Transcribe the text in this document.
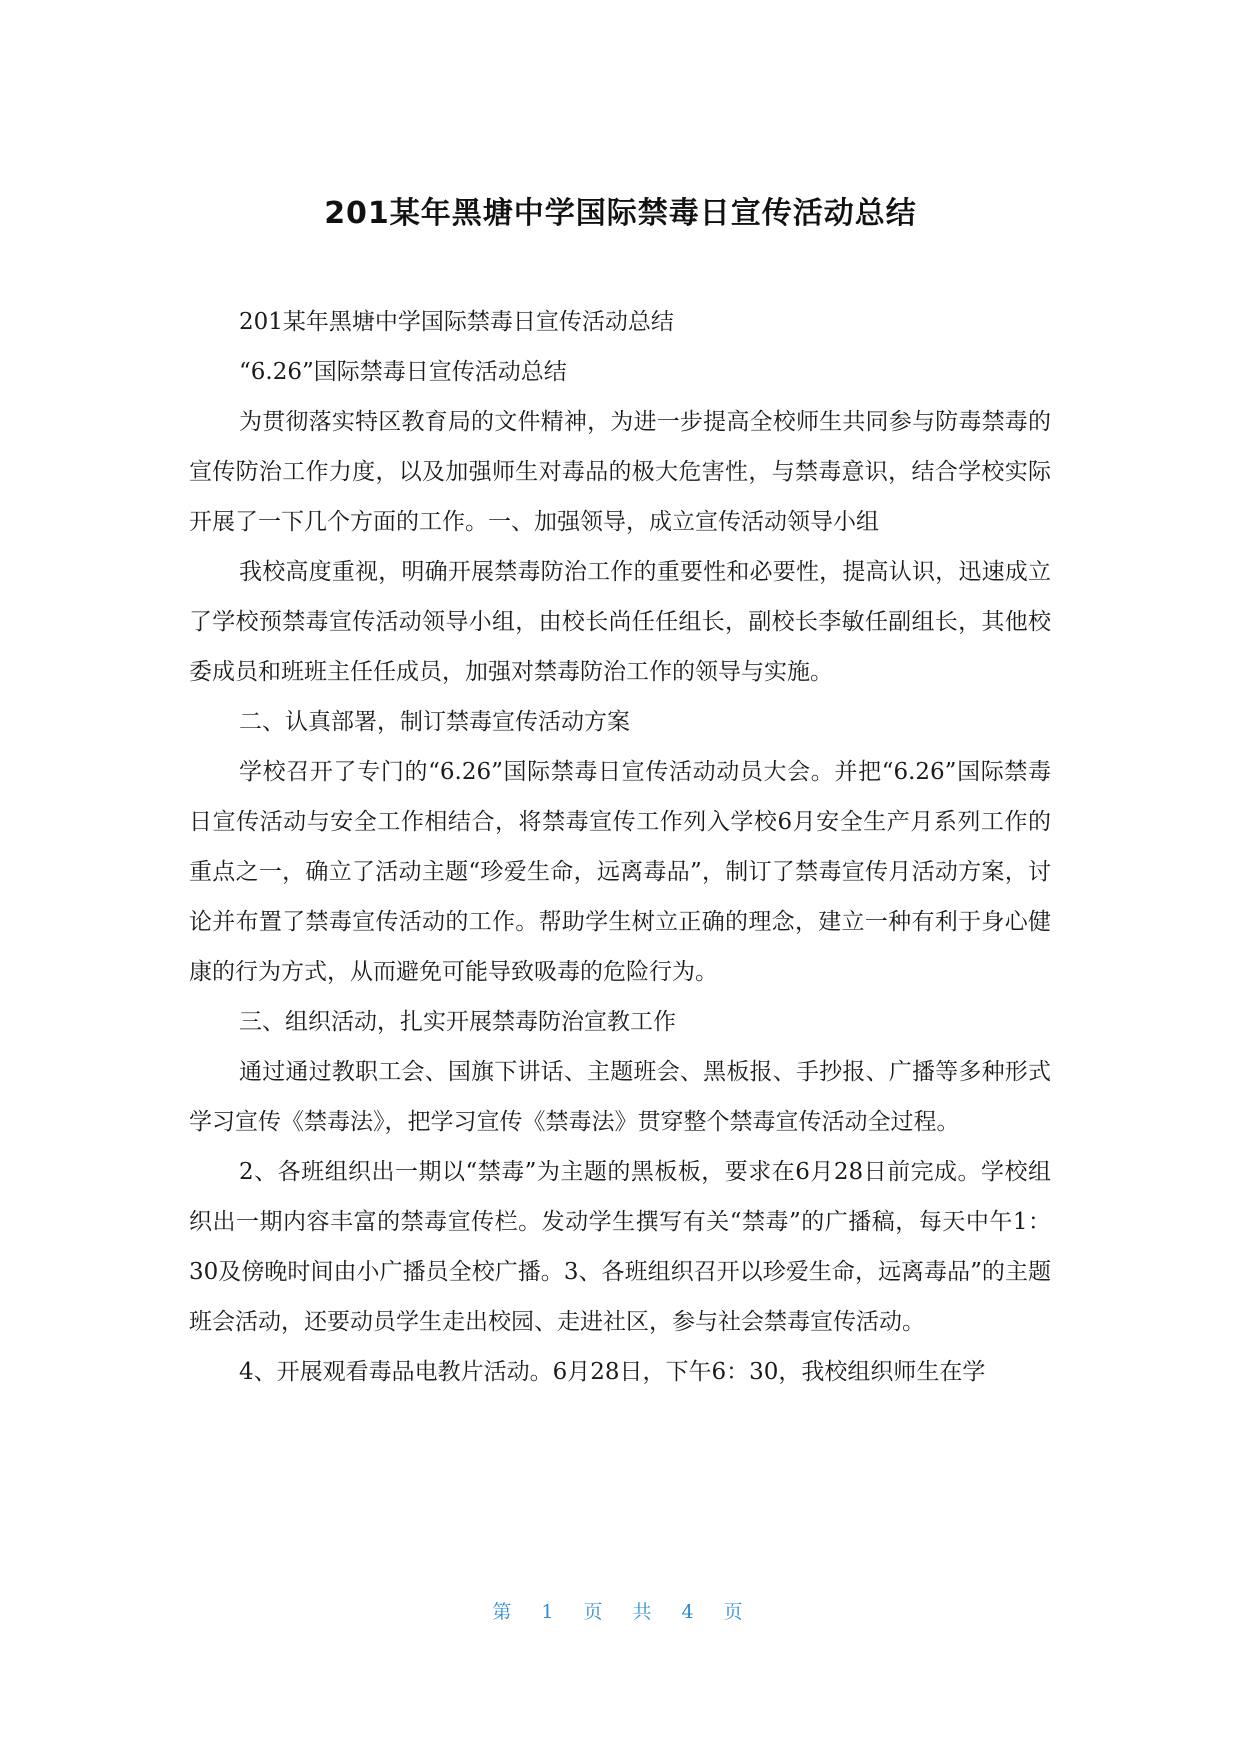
201某年黑塘中学国际禁毒日宣传活动总结

201某年黑塘中学国际禁毒日宣传活动总结

“6.26”国际禁毒日宣传活动总结

为贯彻落实特区教育局的文件精神，为进一步提高全校师生共同参与防毒禁毒的宣传防治工作力度，以及加强师生对毒品的极大危害性，与禁毒意识，结合学校实际开展了一下几个方面的工作。一、加强领导，成立宣传活动领导小组

我校高度重视，明确开展禁毒防治工作的重要性和必要性，提高认识，迅速成立了学校预禁毒宣传活动领导小组，由校长尚任任组长，副校长李敏任副组长，其他校委成员和班班主任任成员，加强对禁毒防治工作的领导与实施。

二、认真部署，制订禁毒宣传活动方案

学校召开了专门的“6.26”国际禁毒日宣传活动动员大会。并把“6.26”国际禁毒日宣传活动与安全工作相结合，将禁毒宣传工作列入学校6月安全生产月系列工作的重点之一，确立了活动主题“珍爱生命，远离毒品”，制订了禁毒宣传月活动方案，讨论并布置了禁毒宣传活动的工作。帮助学生树立正确的理念，建立一种有利于身心健康的行为方式，从而避免可能导致吸毒的危险行为。

三、组织活动，扎实开展禁毒防治宣教工作

通过通过教职工会、国旗下讲话、主题班会、黑板报、手抄报、广播等多种形式学习宣传《禁毒法》，把学习宣传《禁毒法》贯穿整个禁毒宣传活动全过程。

2、各班组织出一期以“禁毒”为主题的黑板板，要求在6月28日前完成。学校组织出一期内容丰富的禁毒宣传栏。发动学生撰写有关“禁毒”的广播稿，每天中午1：30及傍晚时间由小广播员全校广播。3、各班组织召开以珍爱生命，远离毒品”的主题班会活动，还要动员学生走出校园、走进社区，参与社会禁毒宣传活动。

4、开展观看毒品电教片活动。6月28日，下午6：30，我校组织师生在学

第 1 页 共 4 页
